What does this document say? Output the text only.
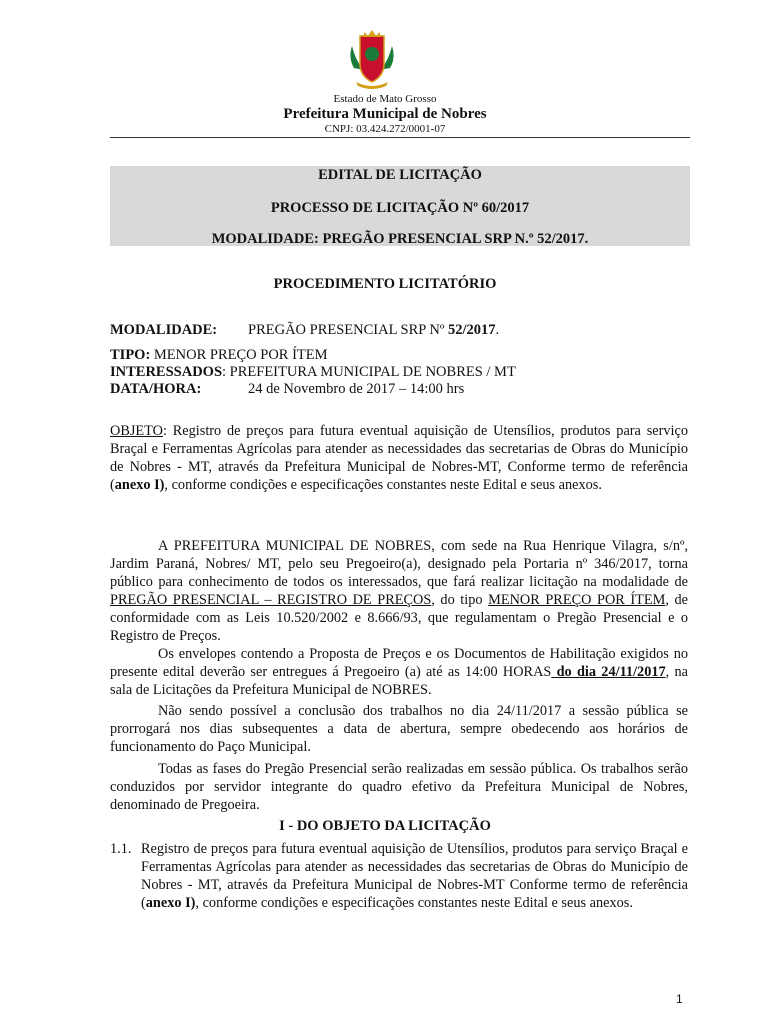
Estado de Mato Grosso
Prefeitura Municipal de Nobres
CNPJ: 03.424.272/0001-07
EDITAL DE LICITAÇÃO
PROCESSO DE LICITAÇÃO Nº 60/2017
MODALIDADE: PREGÃO PRESENCIAL SRP N.º 52/2017.
PROCEDIMENTO LICITATÓRIO
MODALIDADE: PREGÃO PRESENCIAL SRP Nº 52/2017.
TIPO: MENOR PREÇO POR ÍTEM
INTERESSADOS: PREFEITURA MUNICIPAL DE NOBRES / MT
DATA/HORA:	24 de Novembro de 2017 – 14:00 hrs
OBJETO: Registro de preços para futura eventual aquisição de Utensílios, produtos para serviço Braçal e Ferramentas Agrícolas para atender as necessidades das secretarias de Obras do Município de Nobres - MT, através da Prefeitura Municipal de Nobres-MT, Conforme termo de referência (anexo I), conforme condições e especificações constantes neste Edital e seus anexos.
A PREFEITURA MUNICIPAL DE NOBRES, com sede na Rua Henrique Vilagra, s/nº, Jardim Paraná, Nobres/ MT, pelo seu Pregoeiro(a), designado pela Portaria nº 346/2017, torna público para conhecimento de todos os interessados, que fará realizar licitação na modalidade de PREGÃO PRESENCIAL – REGISTRO DE PREÇOS, do tipo MENOR PREÇO POR ÍTEM, de conformidade com as Leis 10.520/2002 e 8.666/93, que regulamentam o Pregão Presencial e o Registro de Preços.
Os envelopes contendo a Proposta de Preços e os Documentos de Habilitação exigidos no presente edital deverão ser entregues á Pregoeiro (a) até as 14:00 HORAS do dia 24/11/2017, na sala de Licitações da Prefeitura Municipal de NOBRES.
Não sendo possível a conclusão dos trabalhos no dia 24/11/2017 a sessão pública se prorrogará nos dias subsequentes a data de abertura, sempre obedecendo aos horários de funcionamento do Paço Municipal.
Todas as fases do Pregão Presencial serão realizadas em sessão pública. Os trabalhos serão conduzidos por servidor integrante do quadro efetivo da Prefeitura Municipal de Nobres, denominado de Pregoeira.
I - DO OBJETO DA LICITAÇÃO
1.1. Registro de preços para futura eventual aquisição de Utensílios, produtos para serviço Braçal e Ferramentas Agrícolas para atender as necessidades das secretarias de Obras do Município de Nobres - MT, através da Prefeitura Municipal de Nobres-MT Conforme termo de referência (anexo I), conforme condições e especificações constantes neste Edital e seus anexos.
1
